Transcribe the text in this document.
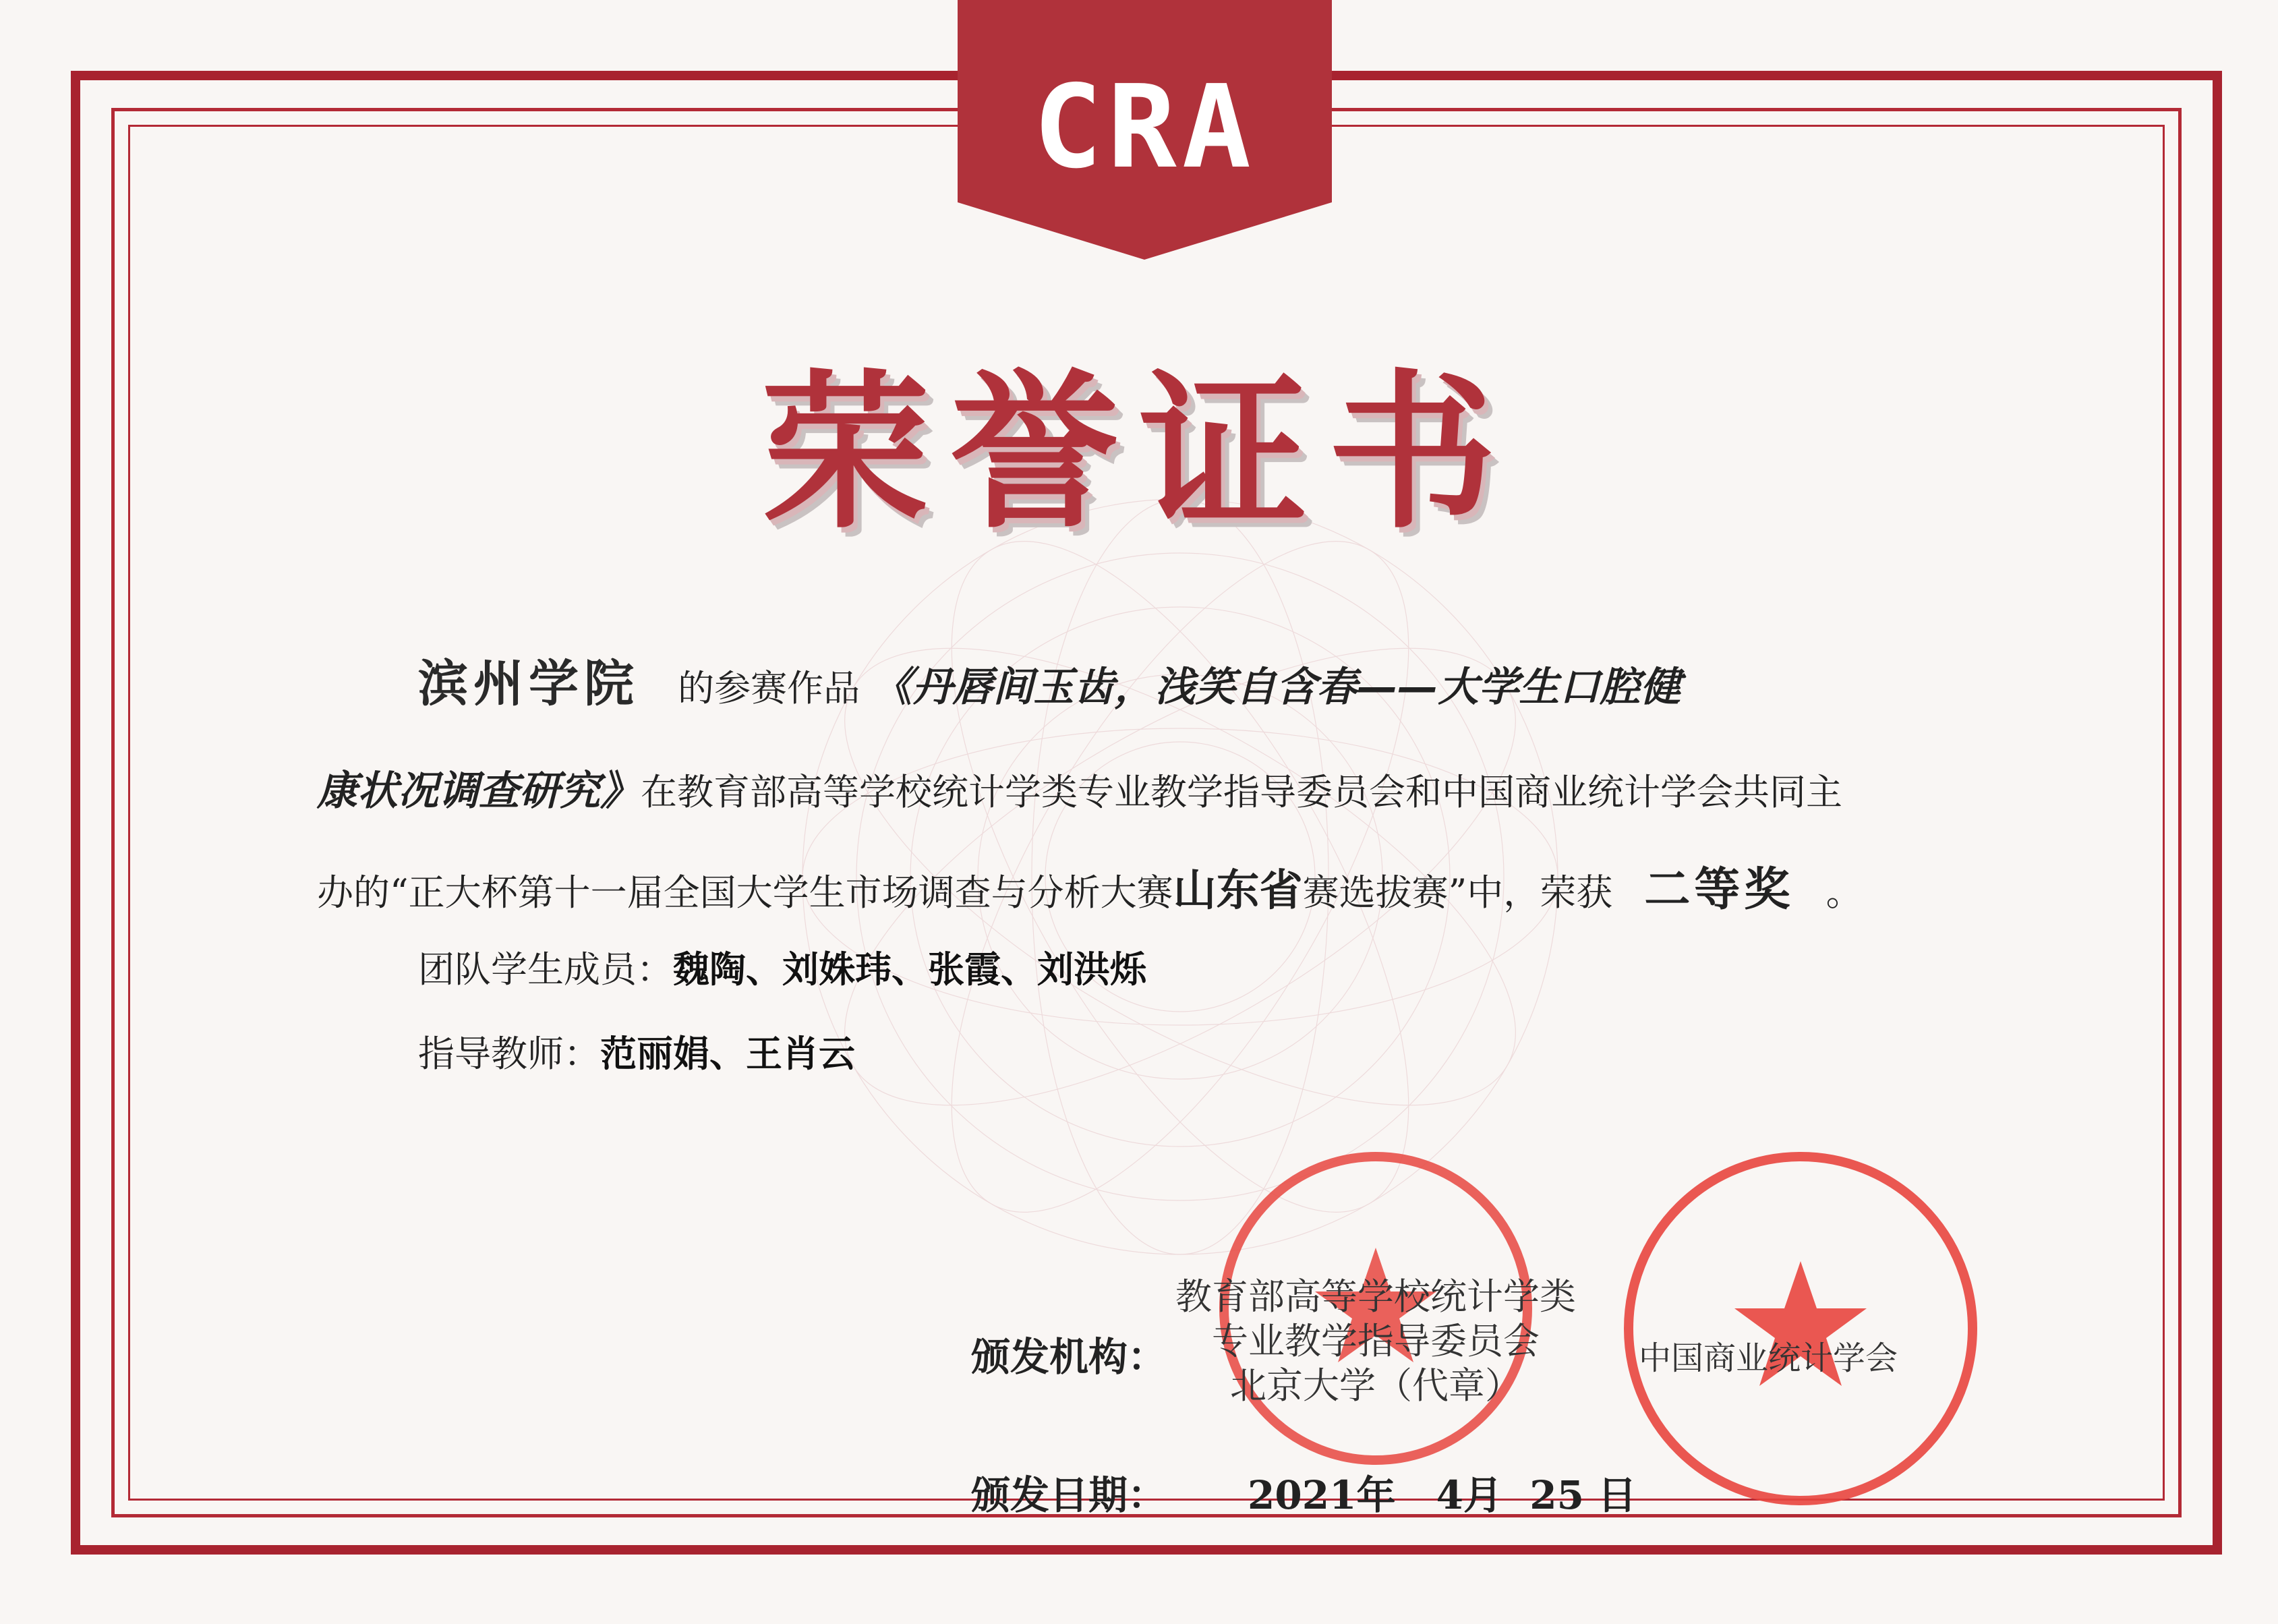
CRA
荣誉证书
滨州学院 的参赛作品 《丹唇间玉齿，浅笑自含春——大学生口腔健
康状况调查研究》在教育部高等学校统计学类专业教学指导委员会和中国商业统计学会共同主
办的“正大杯第十一届全国大学生市场调查与分析大赛山东省赛选拔赛”中，荣获 二等奖 。
团队学生成员：魏陶、刘姝玮、张霞、刘洪烁
指导教师：范丽娟、王肖云
颁发机构：
教育部高等学校统计学类
专业教学指导委员会
北京大学（代章）
中国商业统计学会
颁发日期： 2021年 4月 25 日
